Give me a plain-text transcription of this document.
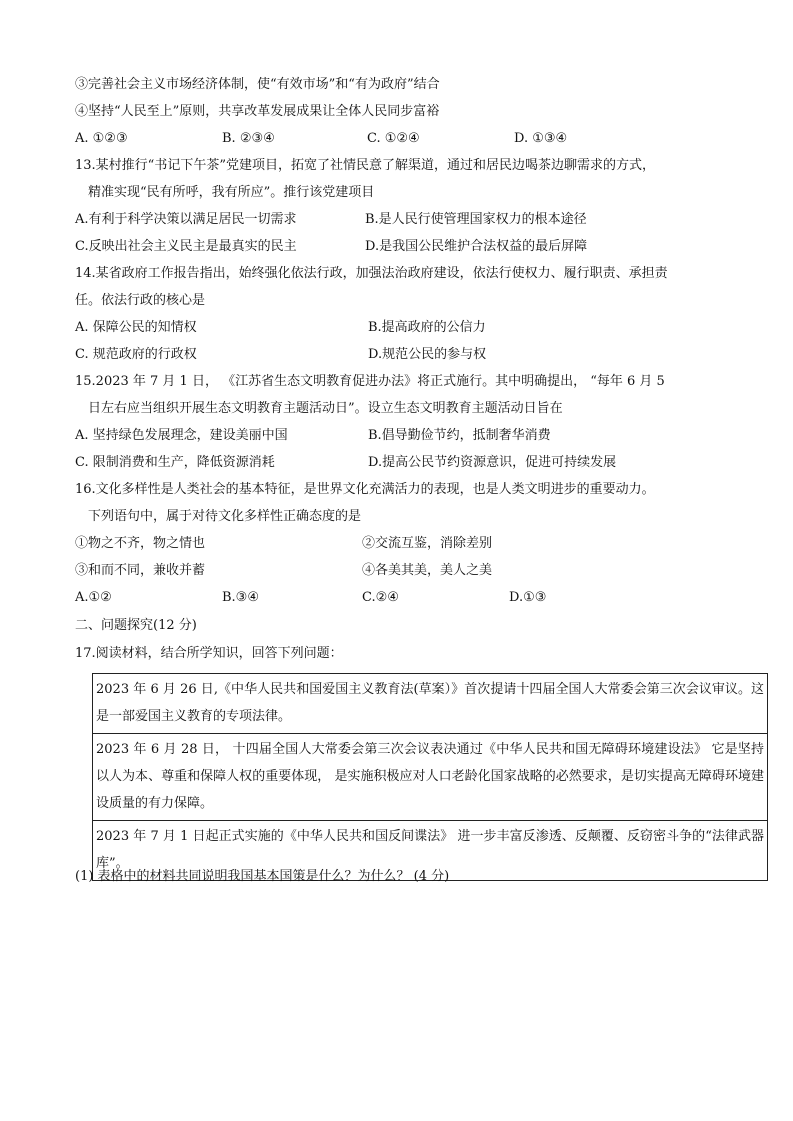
③完善社会主义市场经济体制，使“有效市场”和“有为政府”结合
④坚持“人民至上”原则，共享改革发展成果让全体人民同步富裕
A. ①②③	B. ②③④	C. ①②④	D. ①③④
13.某村推行“书记下午茶”党建项目，拓宽了社情民意了解渠道，通过和居民边喝茶边聊需求的方式，
精准实现“民有所呼，我有所应”。推行该党建项目
A.有利于科学决策以满足居民一切需求	B.是人民行使管理国家权力的根本途径
C.反映出社会主义民主是最真实的民主	D.是我国公民维护合法权益的最后屏障
14.某省政府工作报告指出，始终强化依法行政，加强法治政府建设，依法行使权力、履行职责、承担责
任。依法行政的核心是
A. 保障公民的知情权	B.提高政府的公信力
C. 规范政府的行政权	D.规范公民的参与权
15.2023 年 7 月 1 日， 《江苏省生态文明教育促进办法》将正式施行。其中明确提出， “每年 6 月 5
日左右应当组织开展生态文明教育主题活动日”。设立生态文明教育主题活动日旨在
A. 坚持绿色发展理念，建设美丽中国	B.倡导勤俭节约，抵制奢华消费
C. 限制消费和生产，降低资源消耗	D.提高公民节约资源意识，促进可持续发展
16.文化多样性是人类社会的基本特征，是世界文化充满活力的表现，也是人类文明进步的重要动力。
下列语句中，属于对待文化多样性正确态度的是
①物之不齐，物之情也	②交流互鉴，消除差别
③和而不同，兼收并蓄	④各美其美，美人之美
A.①②	B.③④	C.②④	D.①③
二、问题探究(12 分)
17.阅读材料，结合所学知识，回答下列问题：
2023 年 6 月 26 日,《中华人民共和国爱国主义教育法(草案）》首次提请十四届全国人大常委会第三次会议审议。这是一部爱国主义教育的专项法律。
2023 年 6 月 28 日， 十四届全国人大常委会第三次会议表决通过《中华人民共和国无障碍环境建设法》 它是坚持以人为本、尊重和保障人权的重要体现， 是实施积极应对人口老龄化国家战略的必然要求，是切实提高无障碍环境建设质量的有力保障。
2023 年 7 月 1 日起正式实施的《中华人民共和国反间谍法》 进一步丰富反渗透、反颠覆、反窃密斗争的“法律武器库”。
(1) 表格中的材料共同说明我国基本国策是什么？为什么？ (4 分)
